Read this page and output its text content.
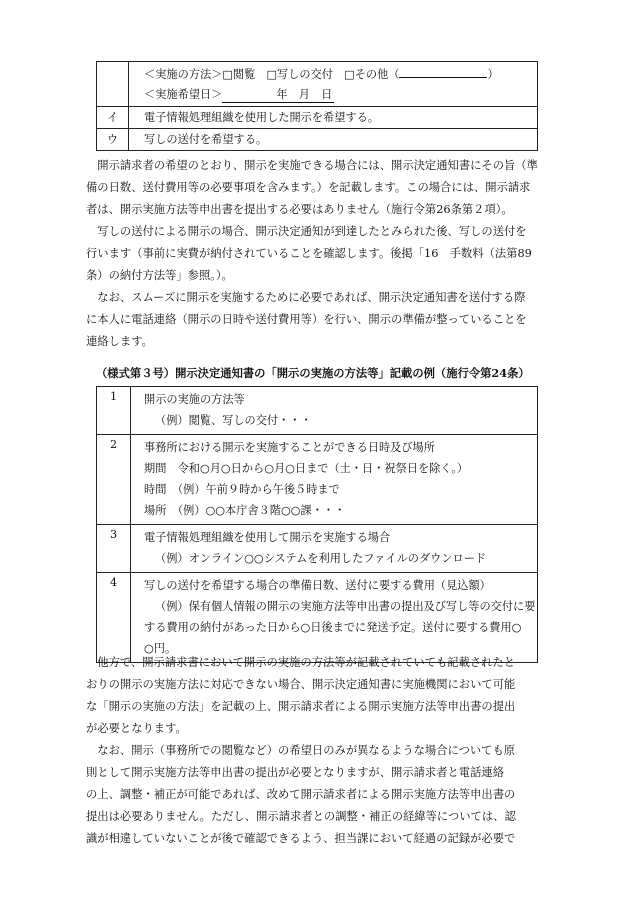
	＜実施の方法＞□閲覧　□写しの交付　□その他（ ）
＜実施希望日＞ 年　月　日

イ	電子情報処理組織を使用した開示を希望する。
ウ	写しの送付を希望する。
　開示請求者の希望のとおり、開示を実施できる場合には、開示決定通知書にその旨（準
備の日数、送付費用等の必要事項を含みます。）を記載します。この場合には、開示請求
者は、開示実施方法等申出書を提出する必要はありません（施行令第26条第２項）。
　写しの送付による開示の場合、開示決定通知が到達したとみられた後、写しの送付を
行います（事前に実費が納付されていることを確認します。後掲「16　手数料（法第89
条）の納付方法等」参照。）。
　なお、スムーズに開示を実施するために必要であれば、開示決定通知書を送付する際
に本人に電話連絡（開示の日時や送付費用等）を行い、開示の準備が整っていることを
連絡します。
（様式第３号）開示決定通知書の「開示の実施の方法等」記載の例（施行令第24条）
1	開示の実施の方法等
（例）閲覧、写しの交付・・・

2	事務所における開示を実施することができる日時及び場所
期間　令和○月○日から○月○日まで（土・日・祝祭日を除く。）
時間　（例）午前９時から午後５時まで
場所　（例）○○本庁舎３階○○課・・・

3	電子情報処理組織を使用して開示を実施する場合
（例）オンライン○○システムを利用したファイルのダウンロード

4	写しの送付を希望する場合の準備日数、送付に要する費用（見込額）
（例）保有個人情報の開示の実施方法等申出書の提出及び写し等の交付に要
する費用の納付があった日から○日後までに発送予定。送付に要する費用○
○円。
　他方で、開示請求書において開示の実施の方法等が記載されていても記載されたと
おりの開示の実施方法に対応できない場合、開示決定通知書に実施機関において可能
な「開示の実施の方法」を記載の上、開示請求者による開示実施方法等申出書の提出
が必要となります。
　なお、開示（事務所での閲覧など）の希望日のみが異なるような場合についても原
則として開示実施方法等申出書の提出が必要となりますが、開示請求者と電話連絡
の上、調整・補正が可能であれば、改めて開示請求者による開示実施方法等申出書の
提出は必要ありません。ただし、開示請求者との調整・補正の経緯等については、認
識が相違していないことが後で確認できるよう、担当課において経過の記録が必要で
